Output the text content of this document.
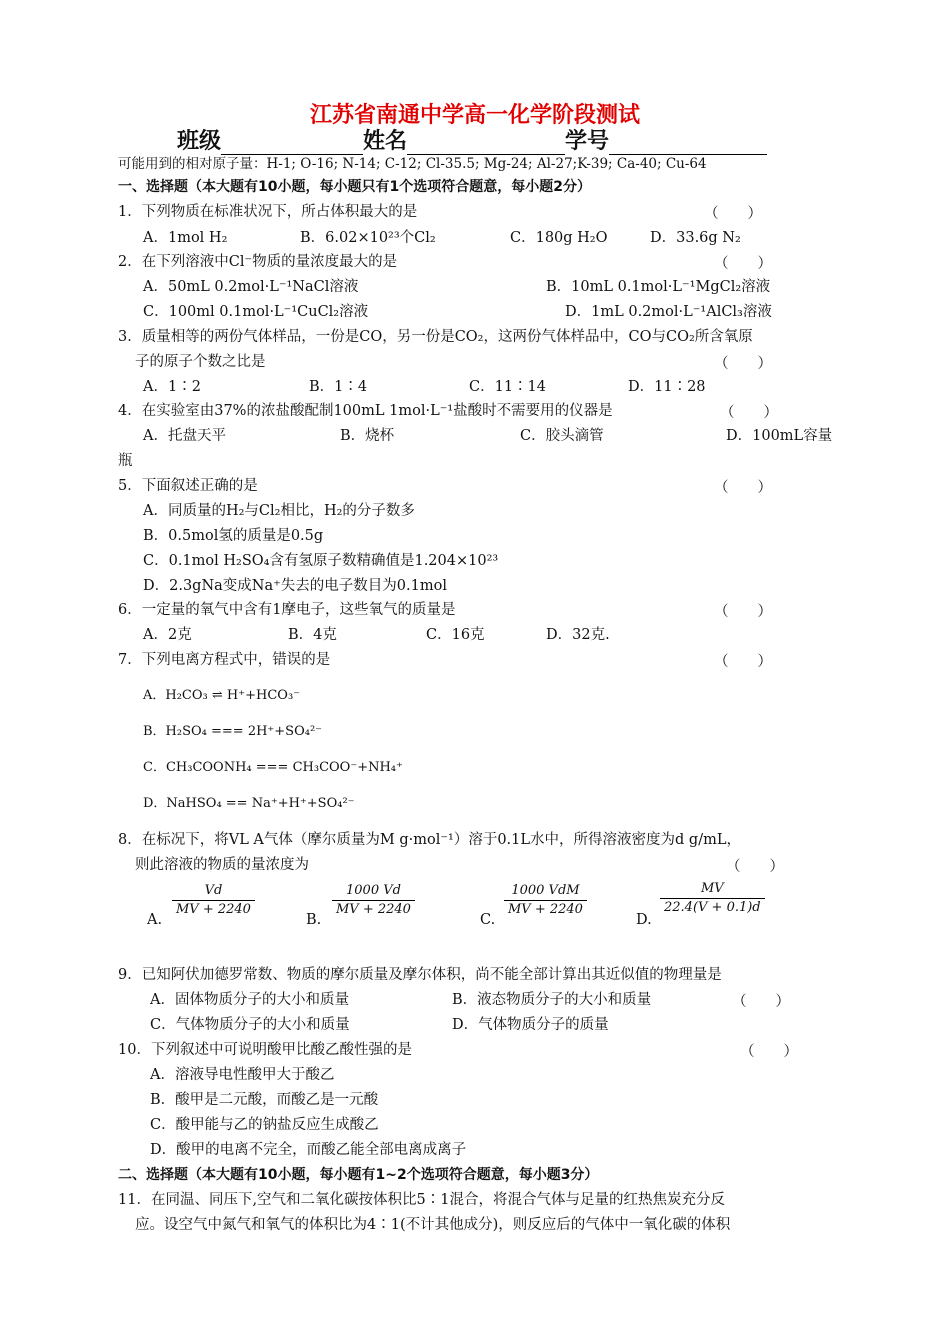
江苏省南通中学高一化学阶段测试
班级	姓名	学号
可能用到的相对原子量：H-1; O-16; N-14; C-12; Cl-35.5; Mg-24; Al-27;K-39; Ca-40; Cu-64
一、选择题（本大题有10小题，每小题只有1个选项符合题意，每小题2分）
1．下列物质在标准状况下，所占体积最大的是	（　　）
A．1mol H₂	B．6.02×10²³个Cl₂	C．180g H₂O	D．33.6g N₂
2．在下列溶液中Cl⁻物质的量浓度最大的是	（　　）
A．50mL 0.2mol·L⁻¹NaCl溶液	B．10mL 0.1mol·L⁻¹MgCl₂溶液
C．100ml 0.1mol·L⁻¹CuCl₂溶液	D．1mL 0.2mol·L⁻¹AlCl₃溶液
3．质量相等的两份气体样品，一份是CO，另一份是CO₂，这两份气体样品中，CO与CO₂所含氧原
子的原子个数之比是	（　　）
A．1∶2	B．1∶4	C．11∶14	D．11∶28
4．在实验室由37%的浓盐酸配制100mL 1mol·L⁻¹盐酸时不需要用的仪器是	（　　）
A．托盘天平	B．烧杯	C．胶头滴管	D．100mL容量
瓶
5．下面叙述正确的是	（　　）
A．同质量的H₂与Cl₂相比，H₂的分子数多
B．0.5mol氢的质量是0.5g
C．0.1mol H₂SO₄含有氢原子数精确值是1.204×10²³
D．2.3gNa变成Na⁺失去的电子数目为0.1mol
6．一定量的氧气中含有1摩电子，这些氧气的质量是	（　　）
A．2克	B．4克	C．16克	D．32克.
7．下列电离方程式中，错误的是	（　　）
A．H₂CO₃ ⇌ H⁺+HCO₃⁻
B．H₂SO₄ === 2H⁺+SO₄²⁻
C．CH₃COONH₄ === CH₃COO⁻+NH₄⁺
D．NaHSO₄ == Na⁺+H⁺+SO₄²⁻
8．在标况下，将VL A气体（摩尔质量为M g·mol⁻¹）溶于0.1L水中，所得溶液密度为d g/mL，
则此溶液的物质的量浓度为	（　　）
A.
$\frac{Vd}{MV + 2240}$
B.
$\frac{1000 Vd}{MV + 2240}$
C.
1000 VdM
MV + 2240
D.
$\frac{MV}{22.4(V + 0.1)d}$
9．已知阿伏加德罗常数、物质的摩尔质量及摩尔体积，尚不能全部计算出其近似值的物理量是
A．固体物质分子的大小和质量	B．液态物质分子的大小和质量	（　　）
C．气体物质分子的大小和质量	D．气体物质分子的质量
10．下列叙述中可说明酸甲比酸乙酸性强的是	（　　）
A．溶液导电性酸甲大于酸乙
B．酸甲是二元酸，而酸乙是一元酸
C．酸甲能与乙的钠盐反应生成酸乙
D．酸甲的电离不完全，而酸乙能全部电离成离子
二、选择题（本大题有10小题，每小题有1~2个选项符合题意，每小题3分）
11．在同温、同压下,空气和二氧化碳按体积比5∶1混合，将混合气体与足量的红热焦炭充分反
应。设空气中氮气和氧气的体积比为4∶1(不计其他成分)，则反应后的气体中一氧化碳的体积
